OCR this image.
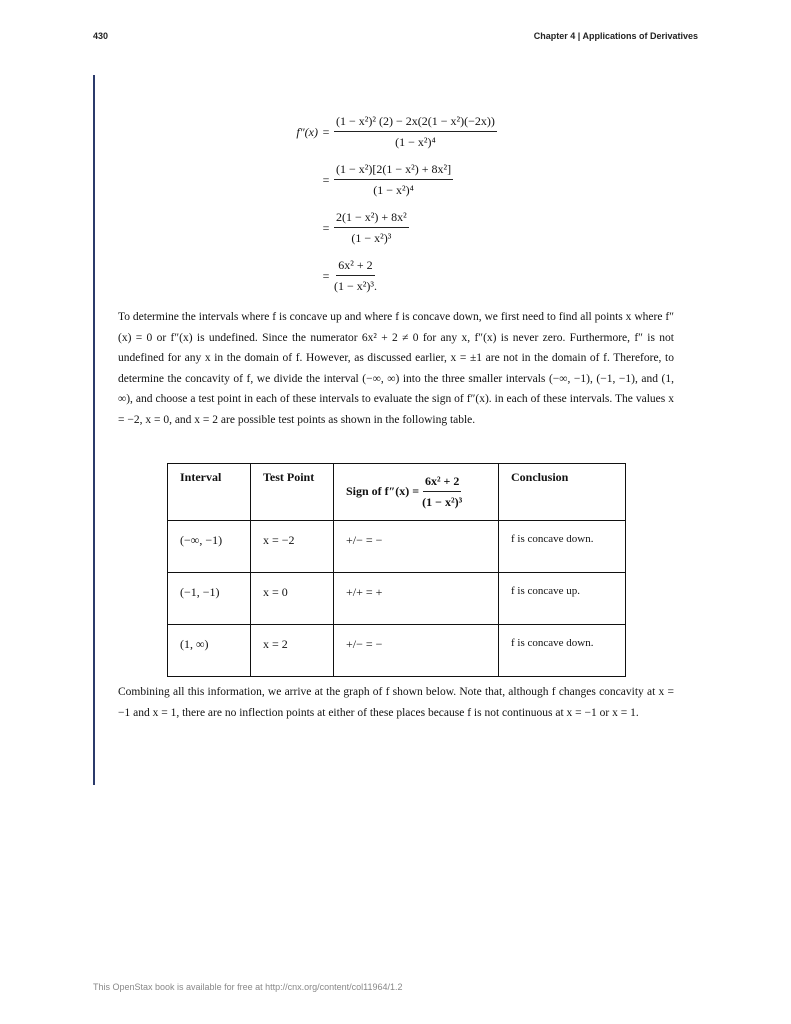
430	Chapter 4 | Applications of Derivatives
$f''(x) = \frac{\text{(1 − x²)² (2) − 2x(2(1 − x²)(−2x))}}{\text{(1 − x²)⁴}}$
= $\frac{\text{(1 − x²)[2(1 − x²) + 8x²]}}{\text{(1 − x²)⁴}}$
= $\frac{\text{2(1 − x²) + 8x²}}{\text{(1 − x²)³}}$
= $\frac{\text{6x² + 2}}{\text{(1 − x²)³.}}$

To determine the intervals where f is concave up and where f is concave down, we first need to find all points x where f″(x) = 0 or f″(x) is undefined. Since the numerator 6x² + 2 ≠ 0 for any x, f″(x) is never zero. Furthermore, f″ is not undefined for any x in the domain of f. However, as discussed earlier, x = ±1 are not in the domain of f. Therefore, to determine the concavity of f, we divide the interval (−∞, ∞) into the three smaller intervals (−∞, −1), (−1, −1), and (1, ∞), and choose a test point in each of these intervals to evaluate the sign of f″(x). in each of these intervals. The values x = −2, x = 0, and x = 2 are possible test points as shown in the following table.

Interval	Test Point	Sign of $f''(x) = \frac{\text{6x² + 2}}{\text{(1 − x²)³}}$	Conclusion
(−∞, −1)	x = −2	+/− = −	f is concave down.
(−1, −1)	x = 0	+/+ = +	f is concave up.
(1, ∞)	x = 2	+/− = −	f is concave down.

Combining all this information, we arrive at the graph of f shown below. Note that, although f changes concavity at x = −1 and x = 1, there are no inflection points at either of these places because f is not continuous at x = −1 or x = 1.

This OpenStax book is available for free at http://cnx.org/content/col11964/1.2
